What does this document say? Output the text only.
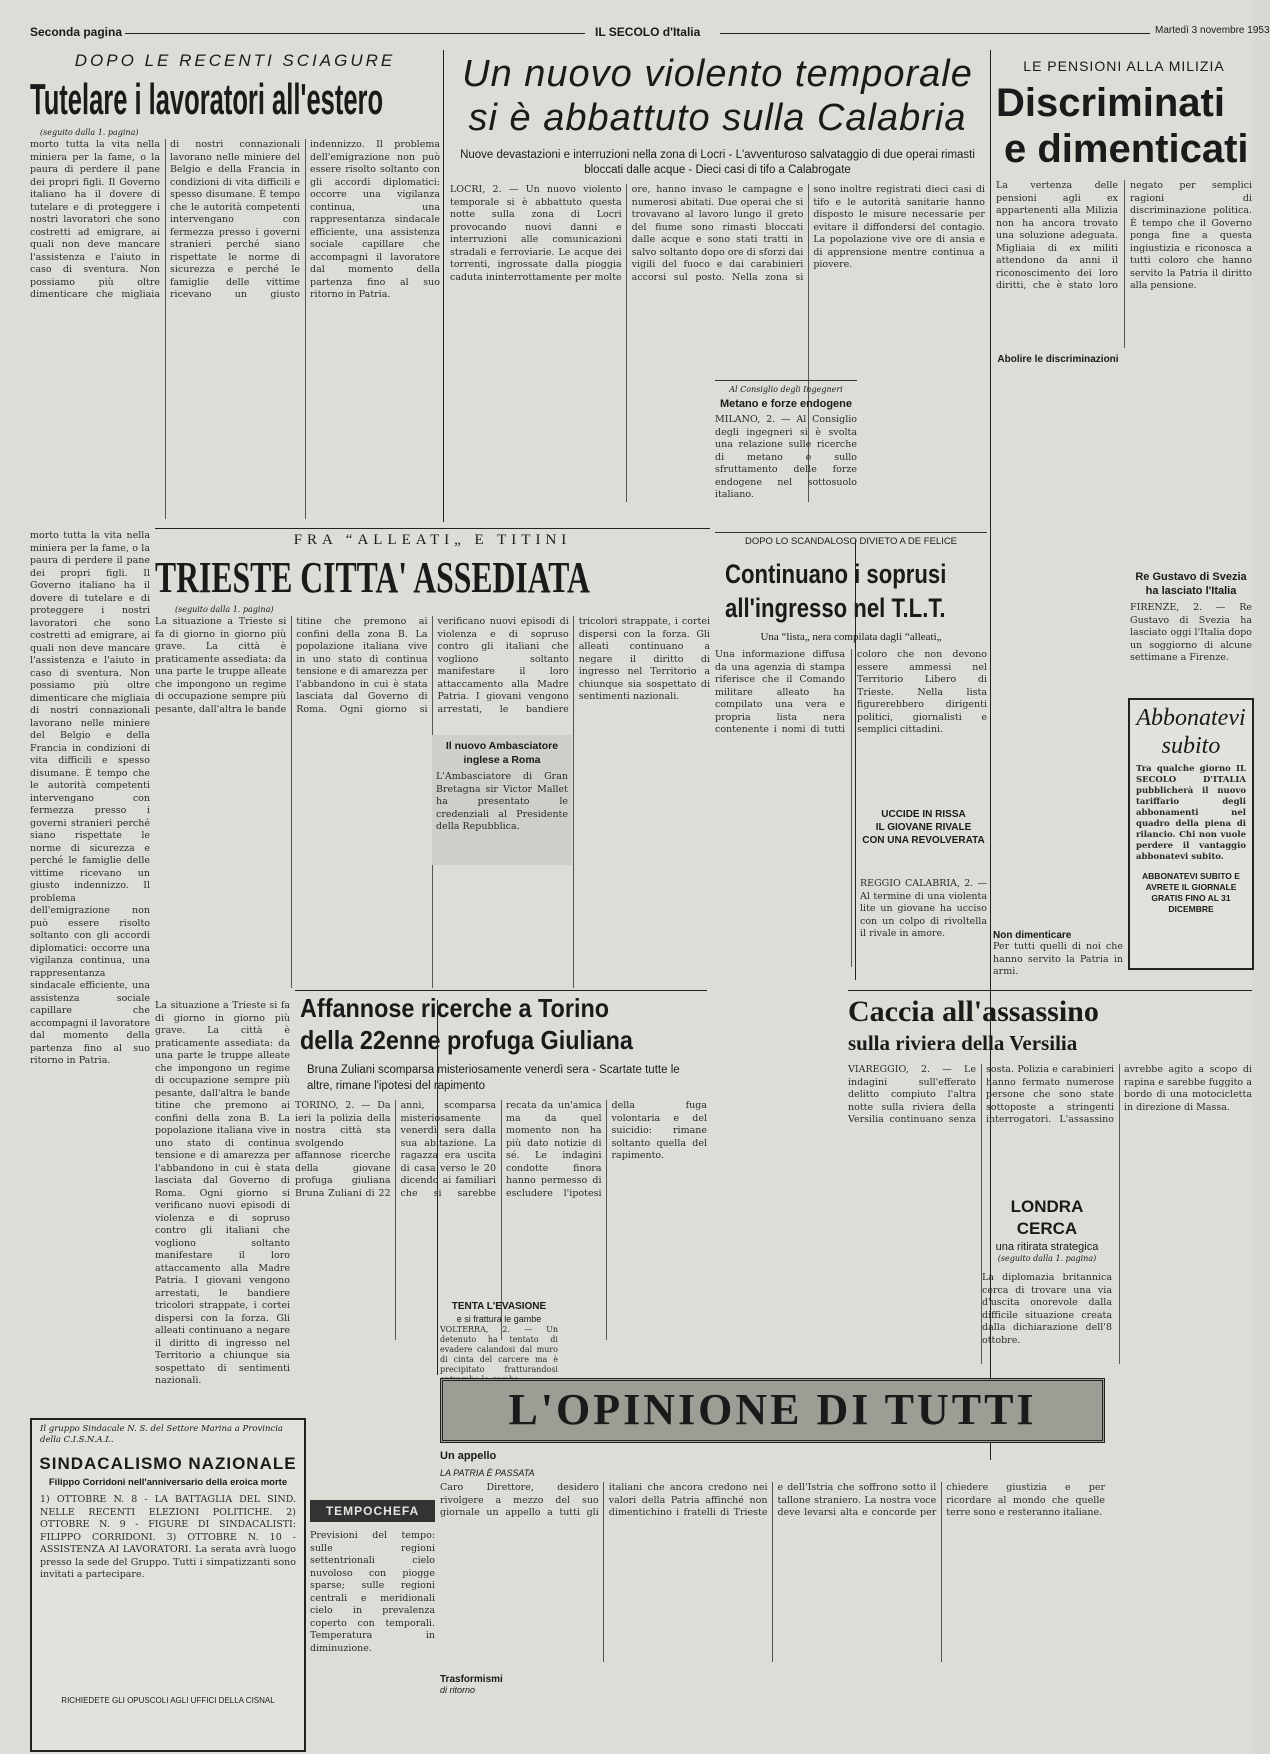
Seconda pagina	IL SECOLO d'Italia	Martedì 3 novembre 1953
DOPO LE RECENTI SCIAGURE
Tutelare i lavoratori all'estero
(seguito dalla 1. pagina)
morto tutta la vita nella miniera per la fame, o la paura di perdere il pane dei propri figli. Il Governo italiano ha il dovere di tutelare e di proteggere i nostri lavoratori che sono costretti ad emigrare, ai quali non deve mancare l'assistenza e l'aiuto in caso di sventura. Non possiamo più oltre dimenticare che migliaia di nostri connazionali lavorano nelle miniere del Belgio e della Francia in condizioni di vita difficili e spesso disumane. È tempo che le autorità competenti intervengano con fermezza presso i governi stranieri perché siano rispettate le norme di sicurezza e perché le famiglie delle vittime ricevano un giusto indennizzo. Il problema dell'emigrazione non può essere risolto soltanto con gli accordi diplomatici: occorre una vigilanza continua, una rappresentanza sindacale efficiente, una assistenza sociale capillare che accompagni il lavoratore dal momento della partenza fino al suo ritorno in Patria.
Un nuovo violento temporale
si è abbattuto sulla Calabria
Nuove devastazioni e interruzioni nella zona di Locri - L'avventuroso salvataggio di due operai rimasti bloccati dalle acque - Dieci casi di tifo a Calabrogate
LOCRI, 2. — Un nuovo violento temporale si è abbattuto questa notte sulla zona di Locri provocando nuovi danni e interruzioni alle comunicazioni stradali e ferroviarie. Le acque dei torrenti, ingrossate dalla pioggia caduta ininterrottamente per molte ore, hanno invaso le campagne e numerosi abitati. Due operai che si trovavano al lavoro lungo il greto del fiume sono rimasti bloccati dalle acque e sono stati tratti in salvo soltanto dopo ore di sforzi dai vigili del fuoco e dai carabinieri accorsi sul posto. Nella zona si sono inoltre registrati dieci casi di tifo e le autorità sanitarie hanno disposto le misure necessarie per evitare il diffondersi del contagio. La popolazione vive ore di ansia e di apprensione mentre continua a piovere.
Al Consiglio degli Ingegneri
Metano e forze endogene
MILANO, 2. — Al Consiglio degli ingegneri si è svolta una relazione sulle ricerche di metano e sullo sfruttamento delle forze endogene nel sottosuolo italiano.
LE PENSIONI ALLA MILIZIA
Discriminati
e dimenticati
La vertenza delle pensioni agli ex appartenenti alla Milizia non ha ancora trovato una soluzione adeguata. Migliaia di ex militi attendono da anni il riconoscimento dei loro diritti, che è stato loro negato per semplici ragioni di discriminazione politica. È tempo che il Governo ponga fine a questa ingiustizia e riconosca a tutti coloro che hanno servito la Patria il diritto alla pensione.
Abolire le discriminazioni
Re Gustavo di Svezia ha lasciato l'Italia
FIRENZE, 2. — Re Gustavo di Svezia ha lasciato oggi l'Italia dopo un soggiorno di alcune settimane a Firenze.
Abbonatevi
subito
Tra qualche giorno IL SECOLO D'ITALIA pubblicherà il nuovo tariffario degli abbonamenti nel quadro della piena di rilancio. Chi non vuole perdere il vantaggio abbonatevi subito.
ABBONATEVI SUBITO E AVRETE IL GIORNALE GRATIS FINO AL 31 DICEMBRE
FRA “ALLEATI„ E TITINI
TRIESTE CITTA' ASSEDIATA
(seguito dalla 1. pagina)
La situazione a Trieste si fa di giorno in giorno più grave. La città è praticamente assediata: da una parte le truppe alleate che impongono un regime di occupazione sempre più pesante, dall'altra le bande titine che premono ai confini della zona B. La popolazione italiana vive in uno stato di continua tensione e di amarezza per l'abbandono in cui è stata lasciata dal Governo di Roma. Ogni giorno si verificano nuovi episodi di violenza e di sopruso contro gli italiani che vogliono soltanto manifestare il loro attaccamento alla Madre Patria. I giovani vengono arrestati, le bandiere tricolori strappate, i cortei dispersi con la forza. Gli alleati continuano a negare il diritto di ingresso nel Territorio a chiunque sia sospettato di sentimenti nazionali.
Il nuovo Ambasciatore inglese a Roma
L'Ambasciatore di Gran Bretagna sir Victor Mallet ha presentato le credenziali al Presidente della Repubblica.
DOPO LO SCANDALOSO DIVIETO A DE FELICE
Continuano i soprusi
all'ingresso nel T.L.T.
Una “lista„ nera compilata dagli “alleati„
Una informazione diffusa da una agenzia di stampa riferisce che il Comando militare alleato ha compilato una vera e propria lista nera contenente i nomi di tutti coloro che non devono essere ammessi nel Territorio Libero di Trieste. Nella lista figurerebbero dirigenti politici, giornalisti e semplici cittadini.
UCCIDE IN RISSA
IL GIOVANE RIVALE
CON UNA REVOLVERATA
REGGIO CALABRIA, 2. — Al termine di una violenta lite un giovane ha ucciso con un colpo di rivoltella il rivale in amore.	Non dimenticare
Per tutti quelli di noi che hanno servito la Patria in armi.
Affannose ricerche a Torino
della 22enne profuga Giuliana
Bruna Zuliani scomparsa misteriosamente venerdì sera - Scartate tutte le altre, rimane l'ipotesi del rapimento
TORINO, 2. — Da ieri la polizia della nostra città sta svolgendo affannose ricerche della giovane profuga giuliana Bruna Zuliani di 22 anni, scomparsa misteriosamente venerdì sera dalla sua abitazione. La ragazza era uscita di casa verso le 20 dicendo ai familiari che si sarebbe recata da un'amica ma da quel momento non ha più dato notizie di sé. Le indagini condotte finora hanno permesso di escludere l'ipotesi della fuga volontaria e del suicidio: rimane soltanto quella del rapimento.
TENTA L'EVASIONE
e si frattura le gambe
VOLTERRA, 2. — Un detenuto ha tentato di evadere calandosi dal muro di cinta del carcere ma è precipitato fratturandosi
Caccia all'assassino
sulla riviera della Versilia
VIAREGGIO, 2. — Le indagini sull'efferato delitto compiuto l'altra notte sulla riviera della Versilia continuano senza sosta. Polizia e carabinieri hanno fermato numerose persone che sono state sottoposte a stringenti interrogatori. L'assassino avrebbe agito a scopo di rapina e sarebbe fuggito a bordo di una motocicletta in direzione di Massa.
LONDRA CERCA
una ritirata strategica
(seguito dalla 1. pagina)
La diplomazia britannica cerca di trovare una via d'uscita onorevole dalla difficile situazione creata dalla dichiarazione dell'8 ottobre.
L'OPINIONE DI TUTTI
Un appello
LA PATRIA È PASSATA
Caro Direttore, desidero rivolgere a mezzo del suo giornale un appello a tutti gli italiani che ancora credono nei valori della Patria affinché non dimentichino i fratelli di Trieste e dell'Istria che soffrono sotto il tallone straniero. La nostra voce deve levarsi alta e concorde per chiedere giustizia e per ricordare al mondo che quelle terre sono e resteranno italiane.
Trasformismi
di ritorno
Il gruppo Sindacale N. S. del Settore Marina a Provincia della C.I.S.N.A.L.
SINDACALISMO NAZIONALE
Filippo Corridoni nell'anniversario della eroica morte
1) OTTOBRE N. 8 - LA BATTAGLIA DEL SIND. NELLE RECENTI ELEZIONI POLITICHE. 2) OTTOBRE N. 9 - FIGURE DI SINDACALISTI: FILIPPO CORRIDONI. 3) OTTOBRE N. 10 - ASSISTENZA AI LAVORATORI. La serata avrà luogo presso la sede del Gruppo. Tutti i simpatizzanti sono invitati a partecipare.
RICHIEDETE GLI OPUSCOLI AGLI UFFICI DELLA CISNAL
TEMPOCHEFA
Previsioni del tempo: sulle regioni settentrionali cielo nuvoloso con piogge sparse; sulle regioni centrali e meridionali cielo in prevalenza coperto con temporali. Temperatura in diminuzione.
morto tutta la vita nella miniera per la fame, o la paura di perdere il pane dei propri figli. Il Governo italiano ha il dovere di tutelare e di proteggere i nostri lavoratori che sono costretti ad emigrare, ai quali non deve mancare l'assistenza e l'aiuto in caso di sventura. Non possiamo più oltre dimenticare che migliaia di nostri connazionali lavorano nelle miniere del Belgio e della Francia in condizioni di vita difficili e spesso disumane. È tempo che le autorità competenti intervengano con fermezza presso i governi stranieri perché siano rispettate le norme di sicurezza e perché le famiglie delle vittime ricevano un giusto indennizzo. Il problema dell'emigrazione non può essere risolto soltanto con gli accordi diplomatici: occorre una vigilanza continua, una rappresentanza sindacale efficiente, una assistenza sociale capillare che accompagni il lavoratore dal momento della partenza fino al suo ritorno in Patria.
La situazione a Trieste si fa di giorno in giorno più grave. La città è praticamente assediata: da una parte le truppe alleate che impongono un regime di occupazione sempre più pesante, dall'altra le bande titine che premono ai confini della zona B. La popolazione italiana vive in uno stato di continua tensione e di amarezza per l'abbandono in cui è stata lasciata dal Governo di Roma. Ogni giorno si verificano nuovi episodi di violenza e di sopruso contro gli italiani che vogliono soltanto manifestare il loro attaccamento alla Madre Patria. I giovani vengono arrestati, le bandiere tricolori strappate, i cortei dispersi con la forza. Gli alleati continuano a negare il diritto di ingresso nel Territorio a chiunque sia sospettato di sentimenti nazionali.
